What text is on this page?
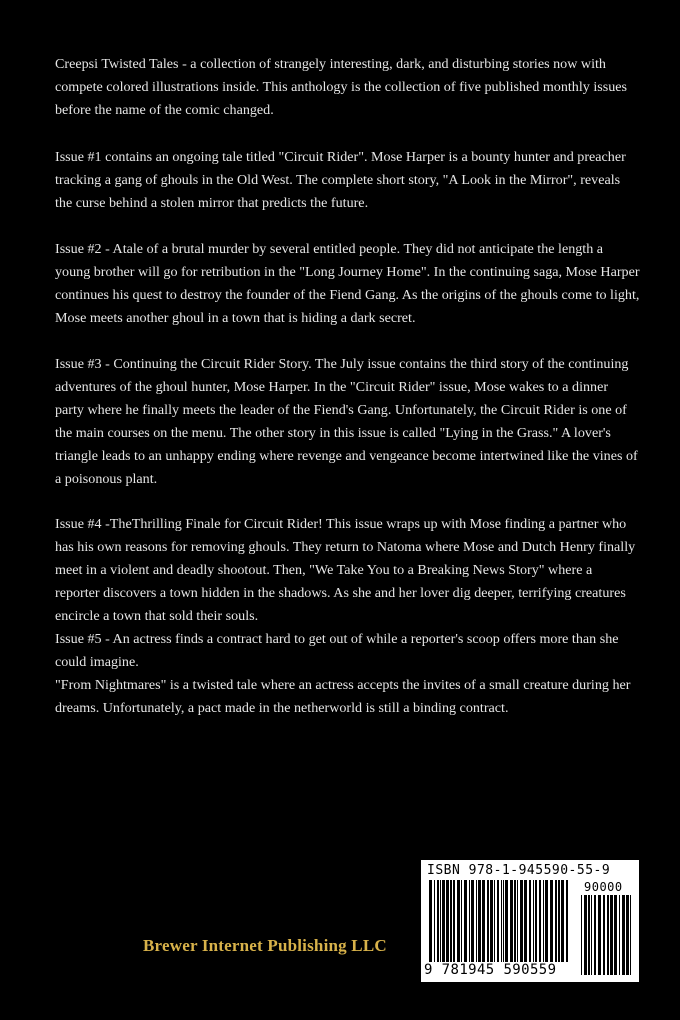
Creepsi Twisted Tales - a collection of strangely interesting, dark, and disturbing stories now with compete colored illustrations inside. This anthology is the collection of five published monthly issues before the name of the comic changed.

Issue #1 contains an ongoing tale titled "Circuit Rider". Mose Harper is a bounty hunter and preacher tracking a gang of ghouls in the Old West. The complete short story, "A Look in the Mirror", reveals the curse behind a stolen mirror that predicts the future.

Issue #2 - Atale of a brutal murder by several entitled people. They did not anticipate the length a young brother will go for retribution in the "Long Journey Home". In the continuing saga, Mose Harper continues his quest to destroy the founder of the Fiend Gang. As the origins of the ghouls come to light, Mose meets another ghoul in a town that is hiding a dark secret.

Issue #3 - Continuing the Circuit Rider Story. The July issue contains the third story of the continuing adventures of the ghoul hunter, Mose Harper. In the "Circuit Rider" issue, Mose wakes to a dinner party where he finally meets the leader of the Fiend's Gang. Unfortunately, the Circuit Rider is one of the main courses on the menu. The other story in this issue is called "Lying in the Grass." A lover's triangle leads to an unhappy ending where revenge and vengeance become intertwined like the vines of a poisonous plant.

Issue #4 -TheThrilling Finale for Circuit Rider! This issue wraps up with Mose finding a partner who has his own reasons for removing ghouls. They return to Natoma where Mose and Dutch Henry finally meet in a violent and deadly shootout. Then, "We Take You to a Breaking News Story" where a reporter discovers a town hidden in the shadows. As she and her lover dig deeper, terrifying creatures encircle a town that sold their souls.
Issue #5 - An actress finds a contract hard to get out of while a reporter's scoop offers more than she could imagine.
"From Nightmares" is a twisted tale where an actress accepts the invites of a small creature during her dreams. Unfortunately, a pact made in the netherworld is still a binding contract.
Brewer Internet Publishing LLC
ISBN 978-1-945590-55-9
90000
9 781945 590559
